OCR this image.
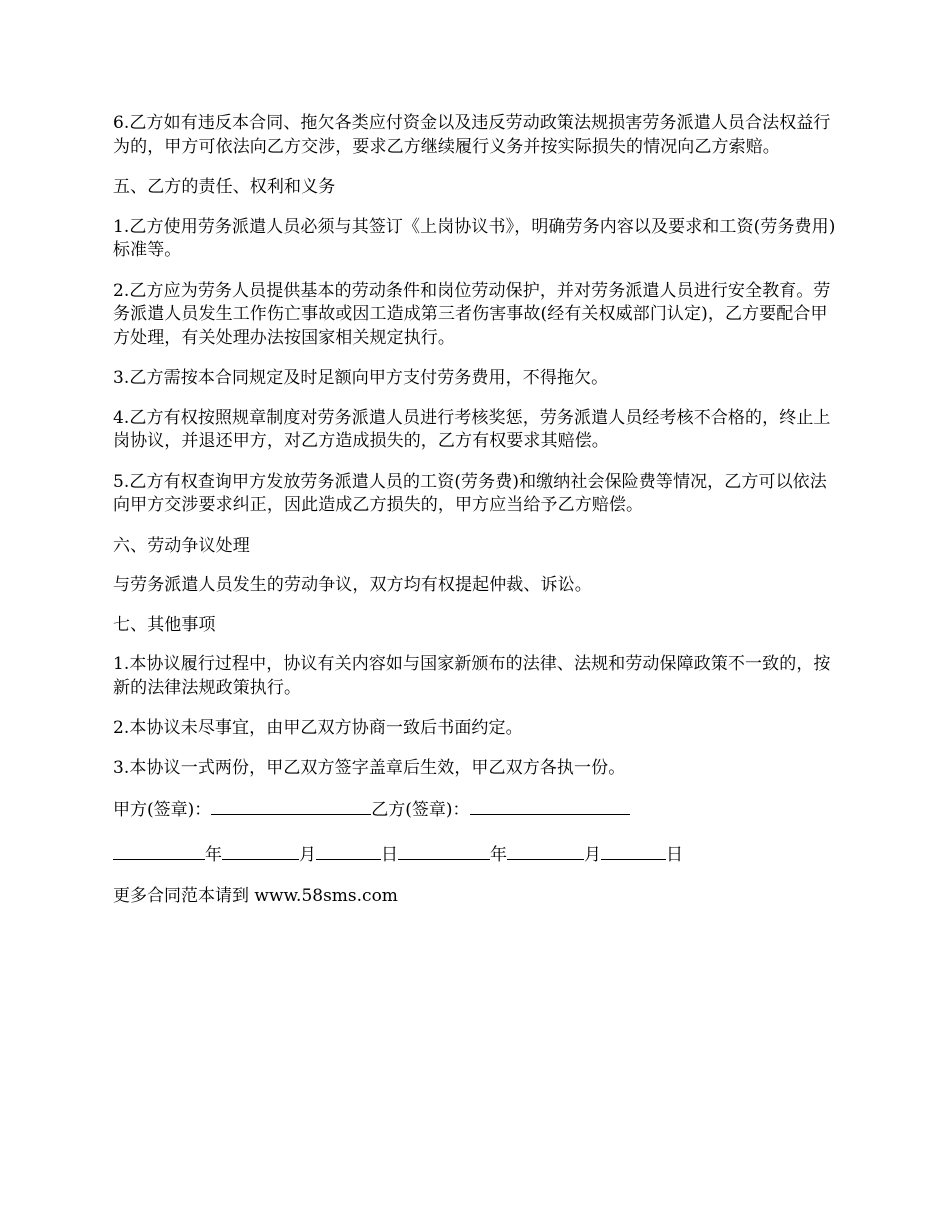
6.乙方如有违反本合同、拖欠各类应付资金以及违反劳动政策法规损害劳务派遣人员合法权益行为的，甲方可依法向乙方交涉，要求乙方继续履行义务并按实际损失的情况向乙方索赔。

五、乙方的责任、权利和义务

1.乙方使用劳务派遣人员必须与其签订《上岗协议书》，明确劳务内容以及要求和工资(劳务费用)标准等。

2.乙方应为劳务人员提供基本的劳动条件和岗位劳动保护，并对劳务派遣人员进行安全教育。劳务派遣人员发生工作伤亡事故或因工造成第三者伤害事故(经有关权威部门认定)，乙方要配合甲方处理，有关处理办法按国家相关规定执行。

3.乙方需按本合同规定及时足额向甲方支付劳务费用，不得拖欠。

4.乙方有权按照规章制度对劳务派遣人员进行考核奖惩，劳务派遣人员经考核不合格的，终止上岗协议，并退还甲方，对乙方造成损失的，乙方有权要求其赔偿。

5.乙方有权查询甲方发放劳务派遣人员的工资(劳务费)和缴纳社会保险费等情况，乙方可以依法向甲方交涉要求纠正，因此造成乙方损失的，甲方应当给予乙方赔偿。

六、劳动争议处理

与劳务派遣人员发生的劳动争议，双方均有权提起仲裁、诉讼。

七、其他事项

1.本协议履行过程中，协议有关内容如与国家新颁布的法律、法规和劳动保障政策不一致的，按新的法律法规政策执行。

2.本协议未尽事宜，由甲乙双方协商一致后书面约定。

3.本协议一式两份，甲乙双方签字盖章后生效，甲乙双方各执一份。

甲方(签章)：	乙方(签章)：
年	月	日	年	月	日

更多合同范本请到 www.58sms.com
